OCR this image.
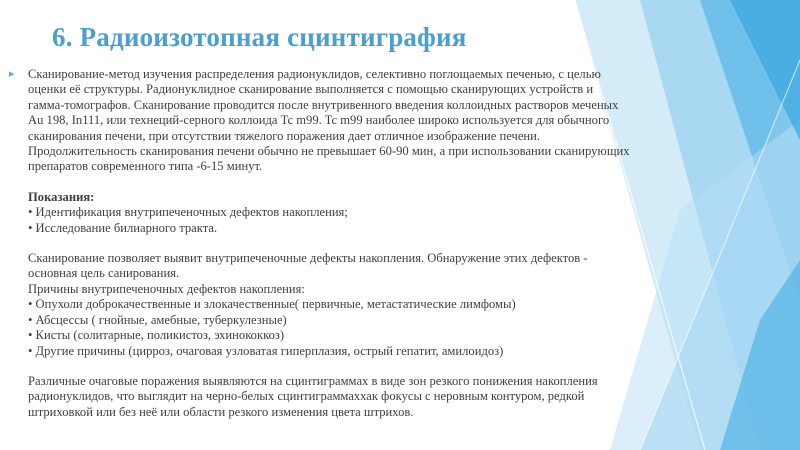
6. Радиоизотопная сцинтиграфия
▸ Сканирование-метод изучения распределения радионуклидов, селективно поглощаемых печенью, с целью

оценки её структуры. Радионуклидное сканирование выполняется с помощью сканирующих устройств и

гамма-томографов. Сканирование проводится после внутривенного введения коллоидных растворов меченых

Au 198, In111, или технеций-серного коллоида Tc m99. Tc m99 наиболее широко используется для обычного

сканирования печени, при отсутствии тяжелого поражения дает отличное изображение печени.

Продолжительность сканирования печени обычно не превышает 60-90 мин, а при использовании сканирующих

препаратов современного типа -6-15 минут.

Показания:

• Идентификация внутрипеченочных дефектов накопления;

• Исследование билиарного тракта.

Сканирование позволяет выявит внутрипеченочные дефекты накопления. Обнаружение этих дефектов -

основная цель санирования.

Причины внутрипеченочных дефектов накопления:

• Опухоли доброкачественные и злокачественные( первичные, метастатические лимфомы)

• Абсцессы ( гнойные, амебные, туберкулезные)

• Кисты (солитарные, поликистоз, эхинококкоз)

• Другие причины (цирроз, очаговая узловатая гиперплазия, острый гепатит, амилоидоз)

Различные очаговые поражения выявляются на сцинтиграммах в виде зон резкого понижения накопления

радионуклидов, что выглядит на черно-белых сцинтиграммаххак фокусы с неровным контуром, редкой

штриховкой или без неё или области резкого изменения цвета штрихов.
